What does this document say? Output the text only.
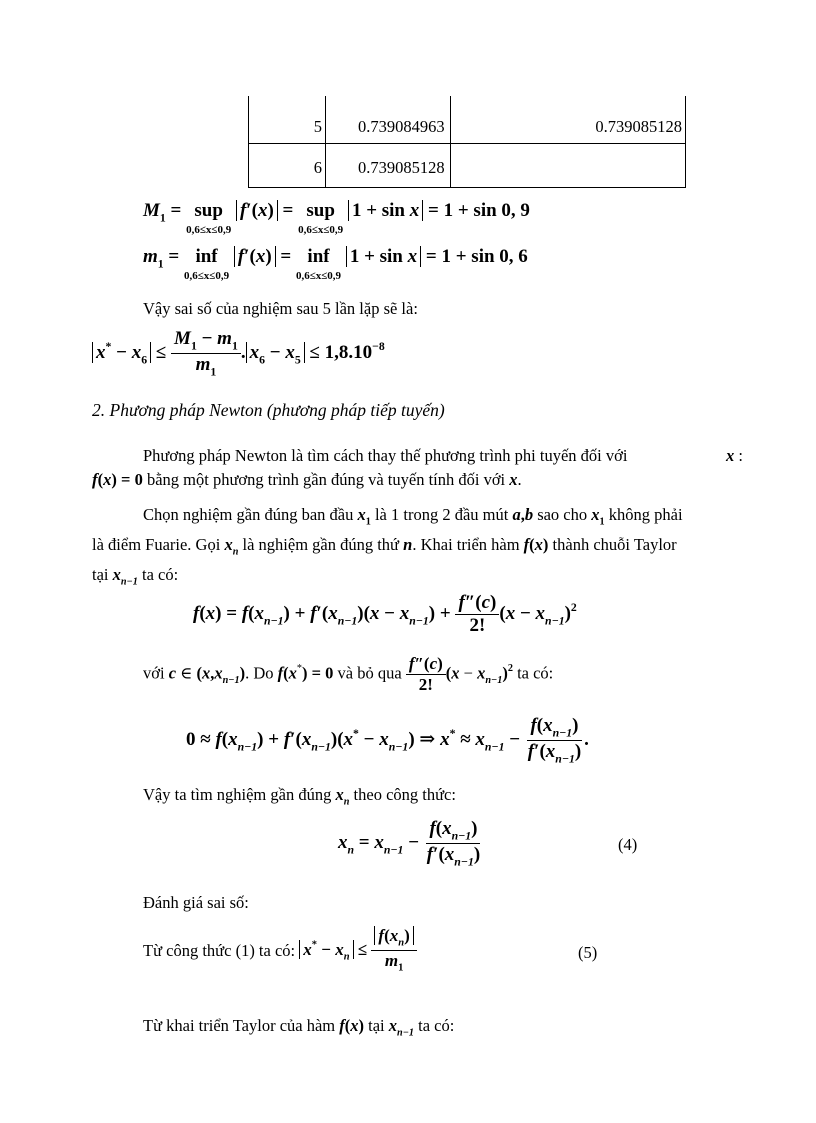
5 0.739084963	0.739085128
6 0.739085128
$M_1$ = sup
0,6≤x≤0,9
f′(x) = sup
0,6≤x≤0,9
1 + sin x = 1 + sin 0, 9
$m_1$ = inf
0,6≤x≤0,9
f′(x) = inf
0,6≤x≤0,9
1 + sin x = 1 + sin 0, 6
Vậy sai số của nghiệm sau 5 lần lặp sẽ là:
$x^* - x_6 \le \frac{M_1 - m_1}{m_1}$ . $x_6 - x_5 \le 1,8.10^{-8}$
2. Phương pháp Newton (phương pháp tiếp tuyến)
Phương pháp Newton là tìm cách thay thế phương trình phi tuyến đối với	x :
f(x) = 0 bằng một phương trình gần đúng và tuyến tính đối với x.
Chọn nghiệm gần đúng ban đầu $x_1$ là 1 trong 2 đầu mút a,b sao cho $x_1$ không phải
là điểm Fuarie. Gọi $x_n$ là nghiệm gần đúng thứ n. Khai triển hàm f(x) thành chuỗi Taylor
tại $x_{n-1}$ ta có:
$f(x) = f(x_{n-1}) + f'(x_{n-1})(x - x_{n-1}) + \frac{f''(c)}{2!} (x - x_{n-1})^2$
với c ∈ $(x,x_{n-1})$. Do f(x*) = 0 và bỏ qua $\frac{f''(c)}{2!} (x - x_{n-1})^2$ ta có:
$0 \approx f(x_{n-1}) + f'(x_{n-1})(x^* - x_{n-1})$ ⇒ $x^* \approx x_{n-1} - \frac{f(x_{n-1})}{f'(x_{n-1})}$ .
Vậy ta tìm nghiệm gần đúng $x_n$ theo công thức:
$x_n = x_{n-1} - \frac{f(x_{n-1})}{f'(x_{n-1})}$	(4)
Đánh giá sai số:
Từ công thức (1) ta có: $x^* - x_n \le \frac{f(x_n)}{m_1}$	(5)
Từ khai triển Taylor của hàm f(x) tại $x_{n-1}$ ta có:
